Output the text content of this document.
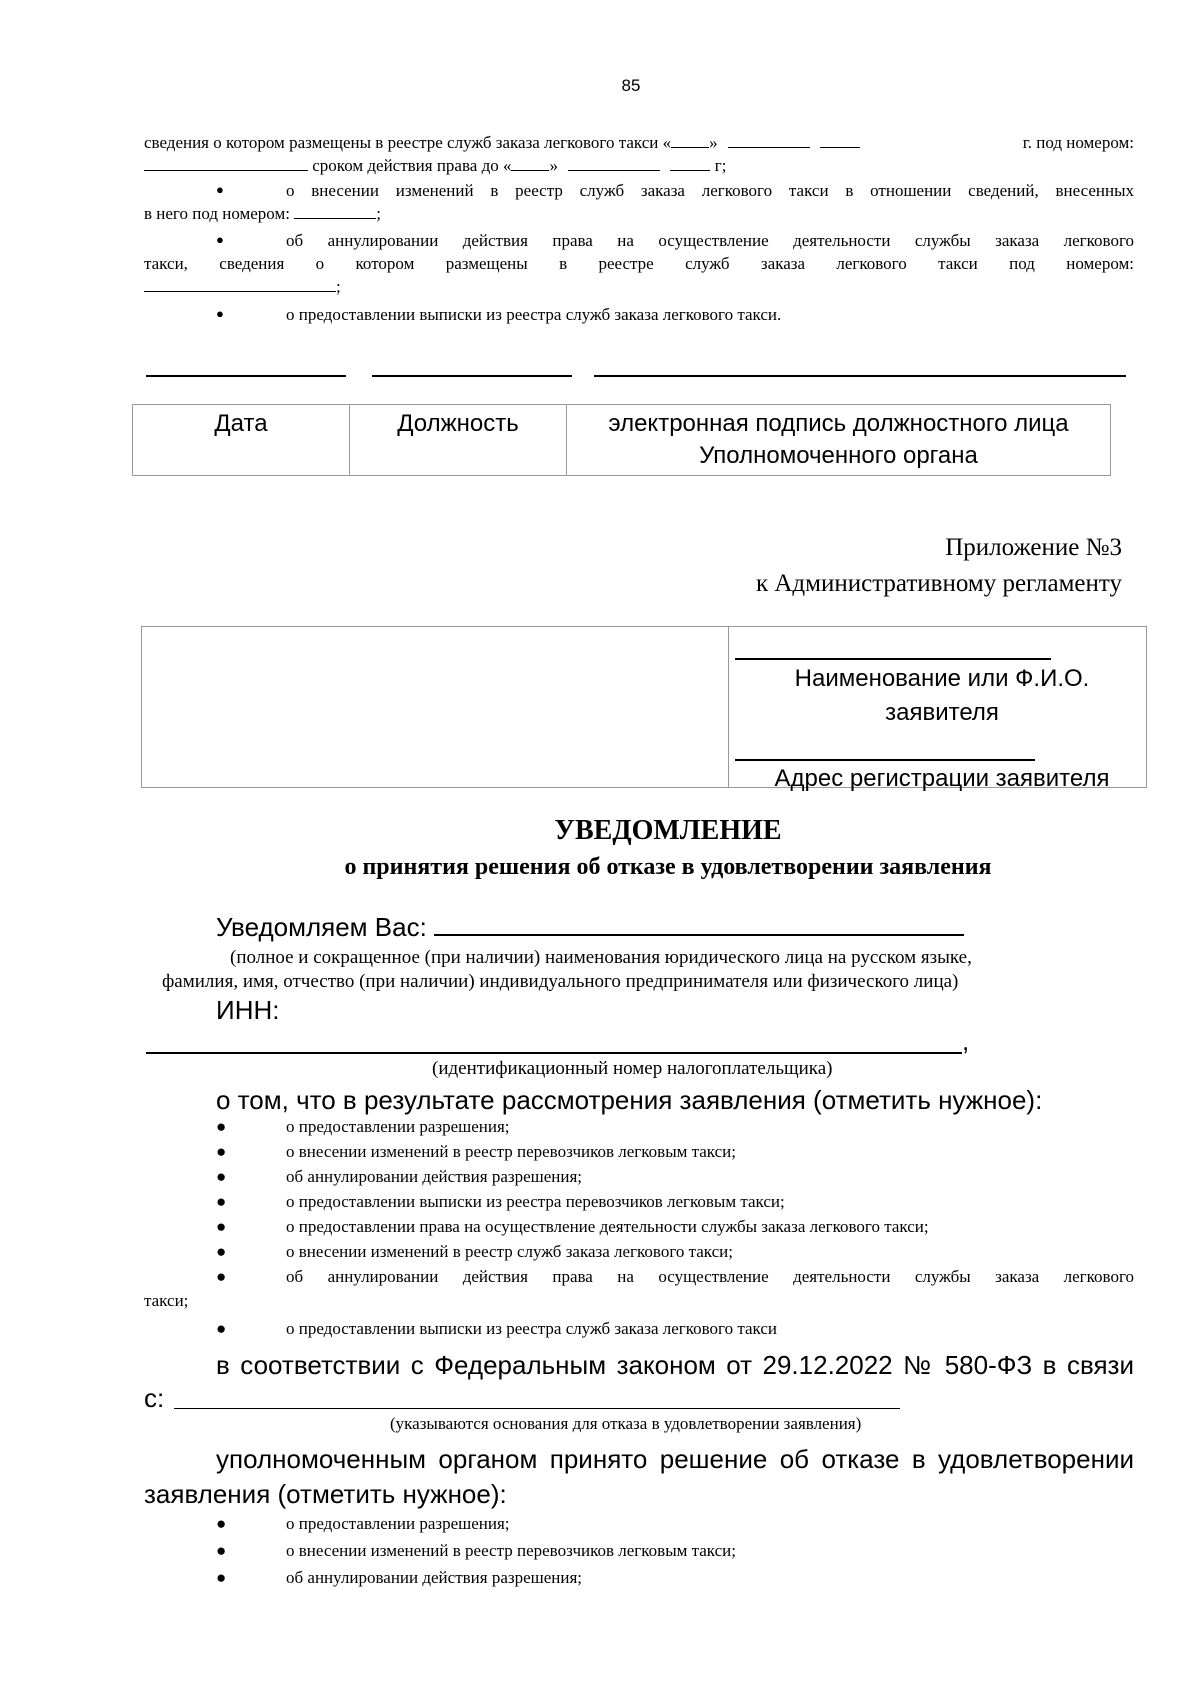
85
сведения о котором размещены в реестре служб заказа легкового такси « »	г. под номером:
сроком действия права до « »	г;
●	о внесении изменений в реестр служб заказа легкового такси в отношении сведений, внесенных
в него под номером:	;
●	об аннулировании действия права на осуществление деятельности службы заказа легкового
такси, сведения о котором размещены в реестре служб заказа легкового такси под номером:
;
●	о предоставлении выписки из реестра служб заказа легкового такси.
Дата	Должность	электронная подпись должностного лица
Уполномоченного органа
Приложение №3
к Административному регламенту
Наименование или Ф.И.О.
заявителя
Адрес регистрации заявителя
УВЕДОМЛЕНИЕ
о принятия решения об отказе в удовлетворении заявления
Уведомляем Вас:
(полное и сокращенное (при наличии) наименования юридического лица на русском языке,
фамилия, имя, отчество (при наличии) индивидуального предпринимателя или физического лица)
ИНН:
,
(идентификационный номер налогоплательщика)
о том, что в результате рассмотрения заявления (отметить нужное):
●	о предоставлении разрешения;
●	о внесении изменений в реестр перевозчиков легковым такси;
●	об аннулировании действия разрешения;
●	о предоставлении выписки из реестра перевозчиков легковым такси;
●	о предоставлении права на осуществление деятельности службы заказа легкового такси;
●	о внесении изменений в реестр служб заказа легкового такси;
●	об аннулировании действия права на осуществление деятельности службы заказа легкового
такси;
●	о предоставлении выписки из реестра служб заказа легкового такси
в соответствии с Федеральным законом от 29.12.2022 № 580-ФЗ в связи
с:
(указываются основания для отказа в удовлетворении заявления)
уполномоченным органом принято решение об отказе в удовлетворении
заявления (отметить нужное):
●	о предоставлении разрешения;
●	о внесении изменений в реестр перевозчиков легковым такси;
●	об аннулировании действия разрешения;
